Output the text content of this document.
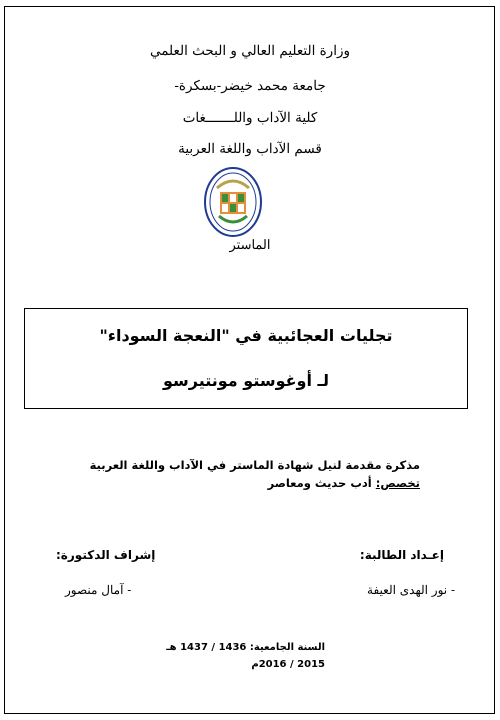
وزارة التعليم العالي و البحث العلمي
جامعة محمد خيضر-بسكرة-
كلية الآداب واللـــــــغات
قسم الآداب واللغة العربية
الماستر
تجليات العجائبية في "النعجة السوداء"
لـ أوغوستو مونتيرسو
مذكرة مقدمة لنيل شهادة الماستر في الآداب واللغة العربية
تخصص: أدب حديث ومعاصر
إعـداد الطالبة:
- نور الهدى العيفة
إشراف الدكتورة:
- آمال منصور
السنة الجامعية: 1436 / 1437 هـ
2015 / 2016م
